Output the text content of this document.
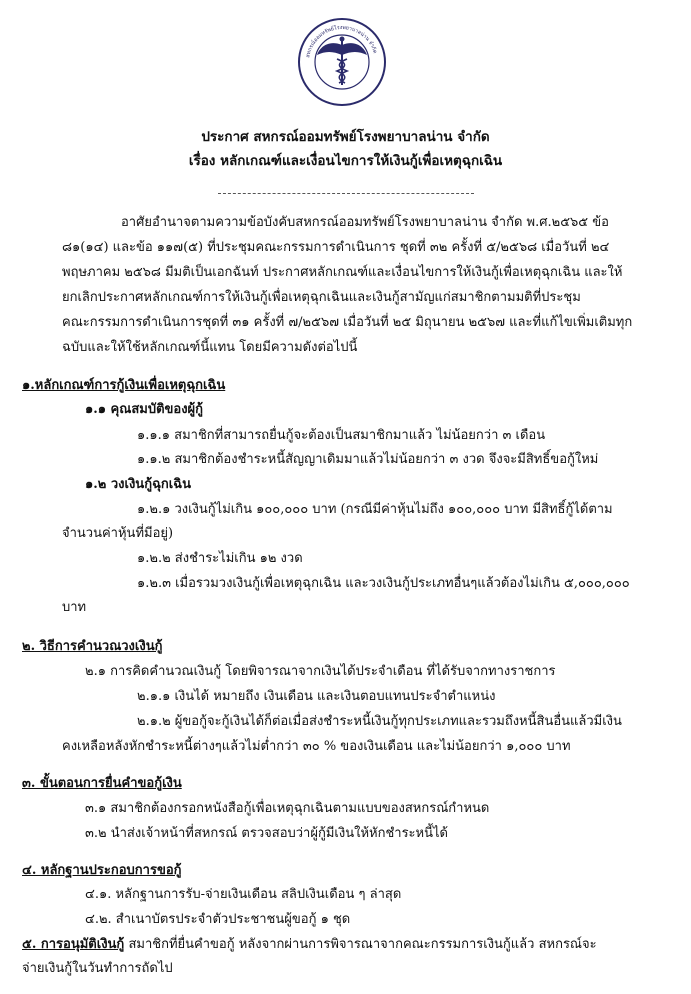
สหกรณ์ออมทรัพย์โรงพยาบาลน่าน จำกัด
ประกาศ สหกรณ์ออมทรัพย์โรงพยาบาลน่าน จำกัด
เรื่อง หลักเกณฑ์และเงื่อนไขการให้เงินกู้เพื่อเหตุฉุกเฉิน
อาศัยอำนาจตามความข้อบังคับสหกรณ์ออมทรัพย์โรงพยาบาลน่าน จำกัด พ.ศ.๒๕๖๕ ข้อ
๘๑(๑๔) และข้อ ๑๑๗(๕) ที่ประชุมคณะกรรมการดำเนินการ ชุดที่ ๓๒ ครั้งที่ ๕/๒๕๖๘ เมื่อวันที่ ๒๔
พฤษภาคม ๒๕๖๘ มีมติเป็นเอกฉันท์ ประกาศหลักเกณฑ์และเงื่อนไขการให้เงินกู้เพื่อเหตุฉุกเฉิน และให้
ยกเลิกประกาศหลักเกณฑ์การให้เงินกู้เพื่อเหตุฉุกเฉินและเงินกู้สามัญแก่สมาชิกตามมติที่ประชุม
คณะกรรมการดำเนินการชุดที่ ๓๑ ครั้งที่ ๗/๒๕๖๗ เมื่อวันที่ ๒๕ มิถุนายน ๒๕๖๗ และที่แก้ไขเพิ่มเติมทุก
ฉบับและให้ใช้หลักเกณฑ์นี้แทน โดยมีความดังต่อไปนี้
๑.หลักเกณฑ์การกู้เงินเพื่อเหตุฉุกเฉิน
๑.๑ คุณสมบัติของผู้กู้
๑.๑.๑ สมาชิกที่สามารถยื่นกู้จะต้องเป็นสมาชิกมาแล้ว ไม่น้อยกว่า ๓ เดือน
๑.๑.๒ สมาชิกต้องชำระหนี้สัญญาเดิมมาแล้วไม่น้อยกว่า ๓ งวด จึงจะมีสิทธิ์ขอกู้ใหม่
๑.๒ วงเงินกู้ฉุกเฉิน
๑.๒.๑ วงเงินกู้ไม่เกิน ๑๐๐,๐๐๐ บาท (กรณีมีค่าหุ้นไม่ถึง ๑๐๐,๐๐๐ บาท มีสิทธิ์กู้ได้ตาม
จำนวนค่าหุ้นที่มีอยู่)
๑.๒.๒ ส่งชำระไม่เกิน ๑๒ งวด
๑.๒.๓ เมื่อรวมวงเงินกู้เพื่อเหตุฉุกเฉิน และวงเงินกู้ประเภทอื่นๆแล้วต้องไม่เกิน ๕,๐๐๐,๐๐๐
บาท
๒. วิธีการคำนวณวงเงินกู้
๒.๑ การคิดคำนวณเงินกู้ โดยพิจารณาจากเงินได้ประจำเดือน ที่ได้รับจากทางราชการ
๒.๑.๑ เงินได้ หมายถึง เงินเดือน และเงินตอบแทนประจำตำแหน่ง
๒.๑.๒ ผู้ขอกู้จะกู้เงินได้ก็ต่อเมื่อส่งชำระหนี้เงินกู้ทุกประเภทและรวมถึงหนี้สินอื่นแล้วมีเงิน
คงเหลือหลังหักชำระหนี้ต่างๆแล้วไม่ต่ำกว่า ๓๐ % ของเงินเดือน และไม่น้อยกว่า ๑,๐๐๐ บาท
๓. ขั้นตอนการยื่นคำขอกู้เงิน
๓.๑ สมาชิกต้องกรอกหนังสือกู้เพื่อเหตุฉุกเฉินตามแบบของสหกรณ์กำหนด
๓.๒ นำส่งเจ้าหน้าที่สหกรณ์ ตรวจสอบว่าผู้กู้มีเงินให้หักชำระหนี้ได้
๔. หลักฐานประกอบการขอกู้
๔.๑. หลักฐานการรับ-จ่ายเงินเดือน สลิปเงินเดือน ๆ ล่าสุด
๔.๒. สำเนาบัตรประจำตัวประชาชนผู้ขอกู้ ๑ ชุด
๕. การอนุมัติเงินกู้ สมาชิกที่ยื่นคำขอกู้ หลังจากผ่านการพิจารณาจากคณะกรรมการเงินกู้แล้ว สหกรณ์จะ
จ่ายเงินกู้ในวันทำการถัดไป
